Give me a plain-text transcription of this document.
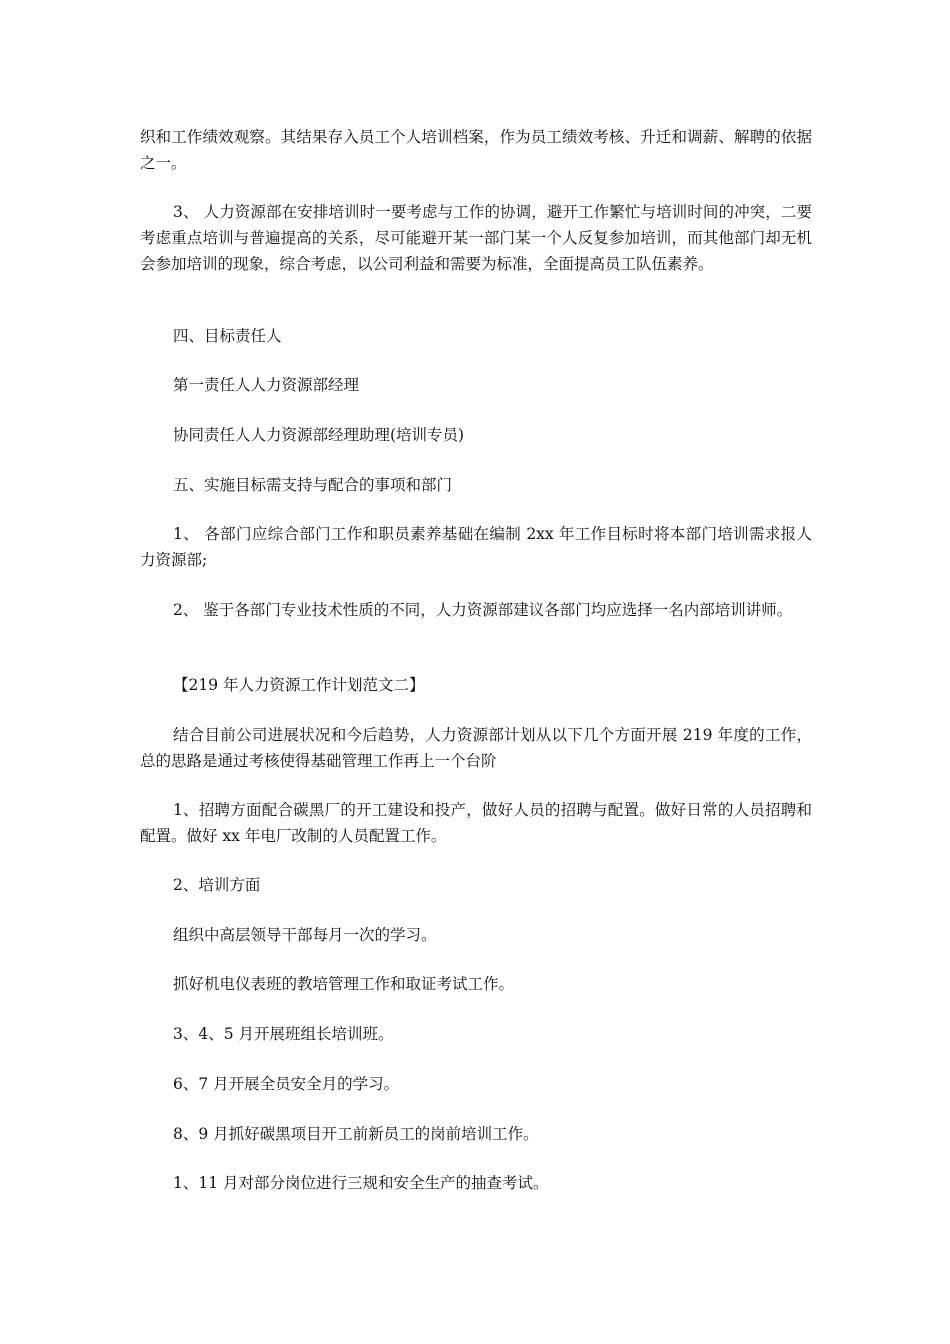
织和工作绩效观察。其结果存入员工个人培训档案，作为员工绩效考核、升迁和调薪、解聘的依据之一。

3、 人力资源部在安排培训时一要考虑与工作的协调，避开工作繁忙与培训时间的冲突，二要考虑重点培训与普遍提高的关系，尽可能避开某一部门某一个人反复参加培训，而其他部门却无机会参加培训的现象，综合考虑，以公司利益和需要为标准，全面提高员工队伍素养。

四、目标责任人

第一责任人人力资源部经理

协同责任人人力资源部经理助理(培训专员)

五、实施目标需支持与配合的事项和部门

1、 各部门应综合部门工作和职员素养基础在编制 2xx 年工作目标时将本部门培训需求报人力资源部;

2、 鉴于各部门专业技术性质的不同，人力资源部建议各部门均应选择一名内部培训讲师。

【219 年人力资源工作计划范文二】

结合目前公司进展状况和今后趋势，人力资源部计划从以下几个方面开展 219 年度的工作，总的思路是通过考核使得基础管理工作再上一个台阶

1、招聘方面配合碳黑厂的开工建设和投产，做好人员的招聘与配置。做好日常的人员招聘和配置。做好 xx 年电厂改制的人员配置工作。

2、培训方面

组织中高层领导干部每月一次的学习。

抓好机电仪表班的教培管理工作和取证考试工作。

3、4、5 月开展班组长培训班。

6、7 月开展全员安全月的学习。

8、9 月抓好碳黑项目开工前新员工的岗前培训工作。

1、11 月对部分岗位进行三规和安全生产的抽查考试。
